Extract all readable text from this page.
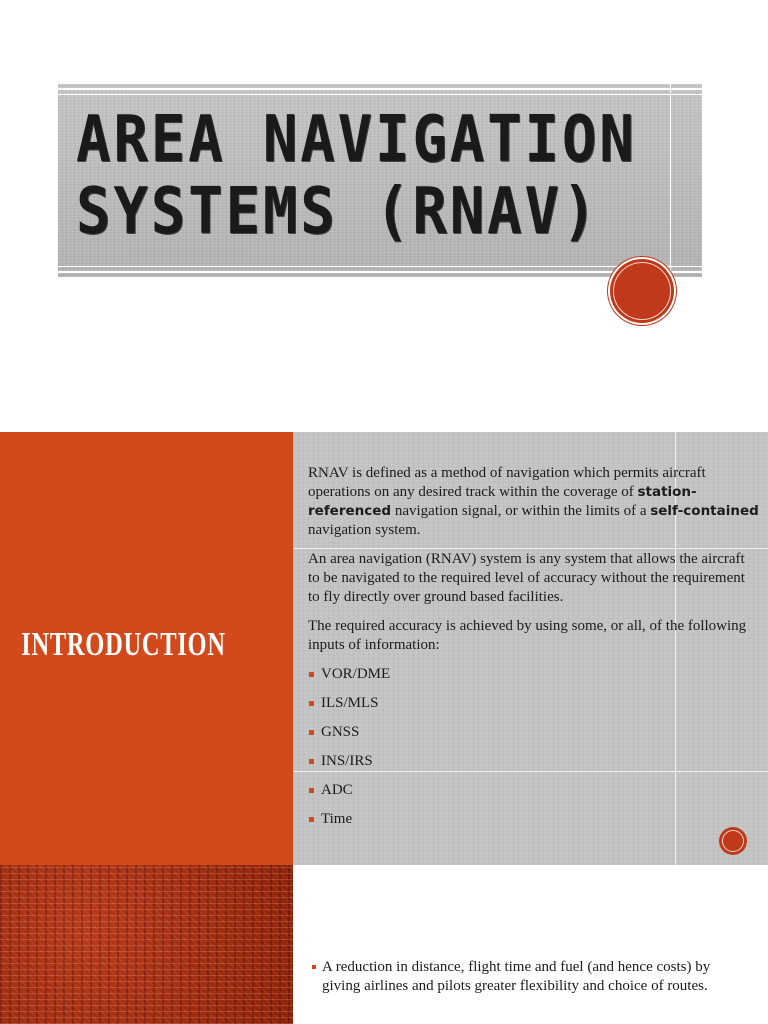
AREA NAVIGATION
SYSTEMS (RNAV)
INTRODUCTION

RNAV is defined as a method of navigation which permits aircraft operations on any desired track within the coverage of station-referenced navigation signal, or within the limits of a self-contained navigation system.

An area navigation (RNAV) system is any system that allows the aircraft to be navigated to the required level of accuracy without the requirement to fly directly over ground based facilities.

The required accuracy is achieved by using some, or all, of the following inputs of information:

VOR/DME
ILS/MLS
GNSS
INS/IRS
ADC
Time
A reduction in distance, flight time and fuel (and hence costs) by giving airlines and pilots greater flexibility and choice of routes.
